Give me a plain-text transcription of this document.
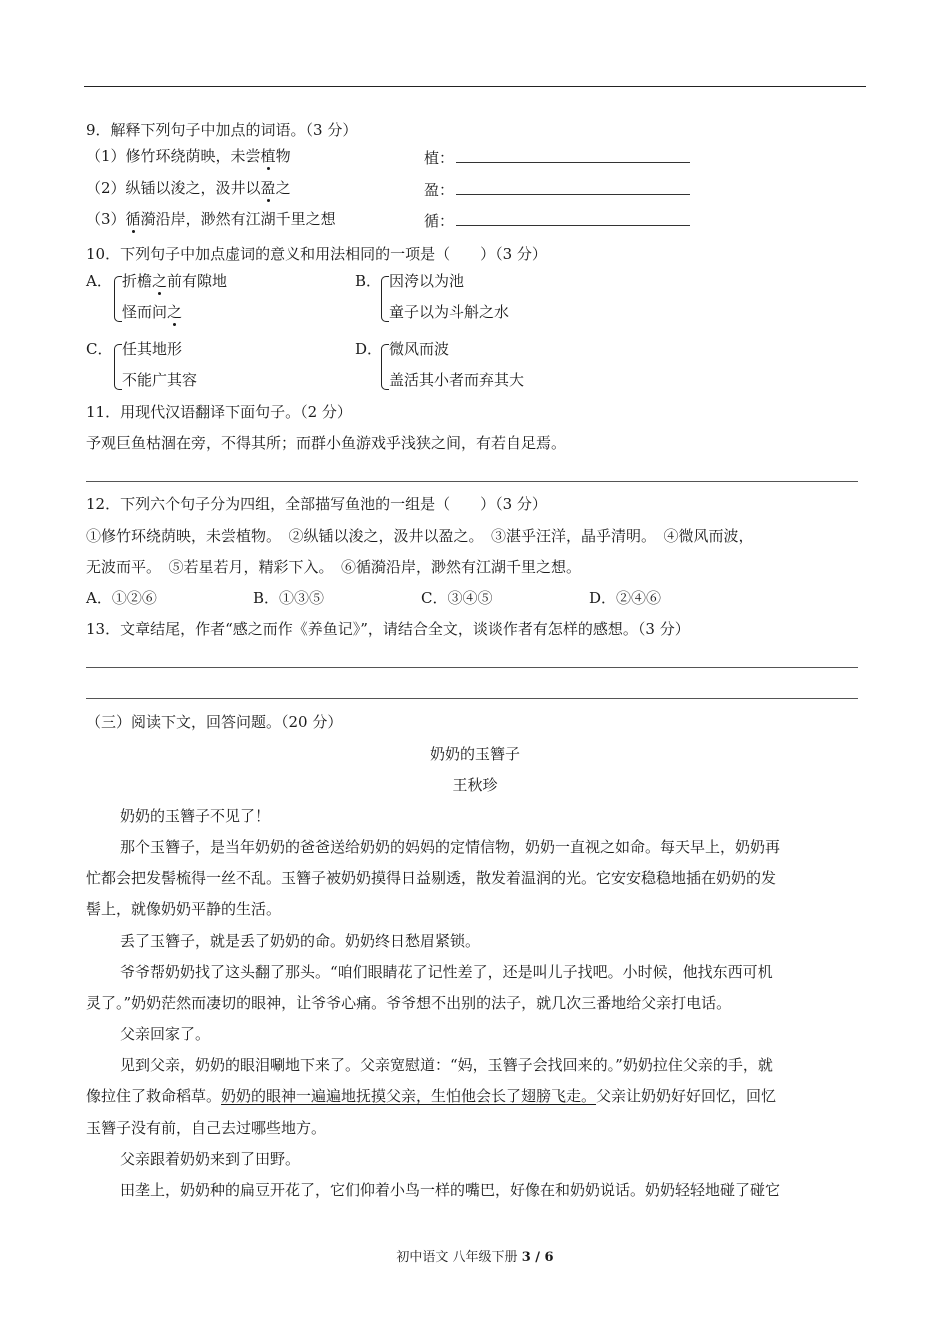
9．解释下列句子中加点的词语。（3 分）
（1）修竹环绕荫映，未尝植物	植：
（2）纵锸以浚之，汲井以盈之	盈：
（3）循漪沿岸，渺然有江湖千里之想	循：
10．下列句子中加点虚词的意义和用法相同的一项是（　　）（3 分）
A． 折檐之前有隙地
怪而问之
B． 因洿以为池
童子以为斗斛之水
C． 任其地形
不能广其容
D． 微风而波
盖活其小者而弃其大
11．用现代汉语翻译下面句子。（2 分）
予观巨鱼枯涸在旁，不得其所；而群小鱼游戏乎浅狭之间，有若自足焉。
12．下列六个句子分为四组，全部描写鱼池的一组是（　　）（3 分）
①修竹环绕荫映，未尝植物。　②纵锸以浚之，汲井以盈之。　③湛乎汪洋，晶乎清明。　④微风而波，
无波而平。　⑤若星若月，精彩下入。　⑥循漪沿岸，渺然有江湖千里之想。
A．①②⑥	B．①③⑤	C．③④⑤	D．②④⑥
13．文章结尾，作者“感之而作《养鱼记》”，请结合全文，谈谈作者有怎样的感想。（3 分）
（三）阅读下文，回答问题。（20 分）
奶奶的玉簪子
王秋珍
奶奶的玉簪子不见了！
那个玉簪子，是当年奶奶的爸爸送给奶奶的妈妈的定情信物，奶奶一直视之如命。每天早上，奶奶再
忙都会把发髻梳得一丝不乱。玉簪子被奶奶摸得日益剔透，散发着温润的光。它安安稳稳地插在奶奶的发
髻上，就像奶奶平静的生活。
丢了玉簪子，就是丢了奶奶的命。奶奶终日愁眉紧锁。
爷爷帮奶奶找了这头翻了那头。“咱们眼睛花了记性差了，还是叫儿子找吧。小时候，他找东西可机
灵了。”奶奶茫然而凄切的眼神，让爷爷心痛。爷爷想不出别的法子，就几次三番地给父亲打电话。
父亲回家了。
见到父亲，奶奶的眼泪唰地下来了。父亲宽慰道：“妈，玉簪子会找回来的。”奶奶拉住父亲的手，就
像拉住了救命稻草。奶奶的眼神一遍遍地抚摸父亲，生怕他会长了翅膀飞走。父亲让奶奶好好回忆，回忆
玉簪子没有前，自己去过哪些地方。
父亲跟着奶奶来到了田野。
田垄上，奶奶种的扁豆开花了，它们仰着小鸟一样的嘴巴，好像在和奶奶说话。奶奶轻轻地碰了碰它
初中语文 八年级下册 3 / 6
